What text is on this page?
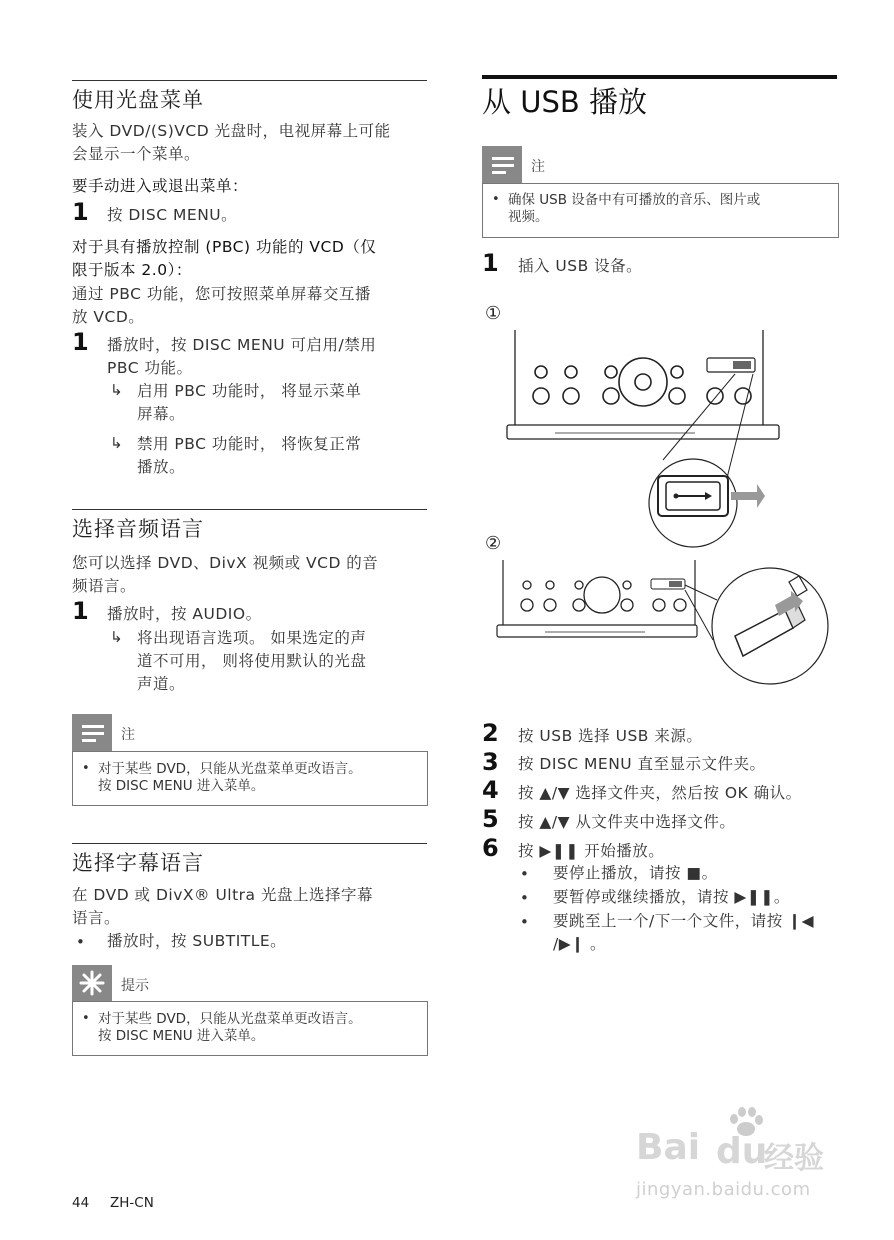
使用光盘菜单
装入 DVD/(S)VCD 光盘时，电视屏幕上可能
会显示一个菜单。
要手动进入或退出菜单：
1 按 DISC MENU。
对于具有播放控制 (PBC) 功能的 VCD（仅
限于版本 2.0）：
通过 PBC 功能，您可按照菜单屏幕交互播
放 VCD。
1 播放时，按 DISC MENU 可启用/禁用
PBC 功能。
↳ 启用 PBC 功能时， 将显示菜单
屏幕。
↳ 禁用 PBC 功能时， 将恢复正常
播放。
选择音频语言
您可以选择 DVD、DivX 视频或 VCD 的音
频语言。
1 播放时，按 AUDIO。
↳ 将出现语言选项。 如果选定的声
道不可用， 则将使用默认的光盘
声道。
注
• 对于某些 DVD，只能从光盘菜单更改语言。
按 DISC MENU 进入菜单。
选择字幕语言
在 DVD 或 DivX® Ultra 光盘上选择字幕
语言。
• 播放时，按 SUBTITLE。
提示
• 对于某些 DVD，只能从光盘菜单更改语言。
按 DISC MENU 进入菜单。
从 USB 播放
注
• 确保 USB 设备中有可播放的音乐、图片或
视频。
1 插入 USB 设备。
①
②
2 按 USB 选择 USB 来源。
3 按 DISC MENU 直至显示文件夹。
4 按 ▲/▼ 选择文件夹，然后按 OK 确认。
5 按 ▲/▼ 从文件夹中选择文件。
6 按 ▶❚❚ 开始播放。
• 要停止播放，请按 ■。
• 要暂停或继续播放，请按 ▶❚❚。
• 要跳至上一个/下一个文件，请按 ❙◀
/▶❙ 。
44 ZH-CN
Bai du
经验
jingyan.baidu.com
